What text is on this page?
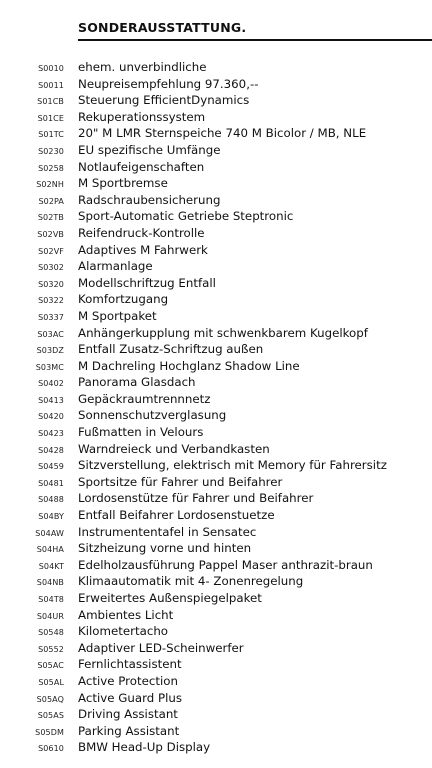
SONDERAUSSTATTUNG.
S0010 ehem. unverbindliche
S0011 Neupreisempfehlung 97.360,--
S01CB Steuerung EfficientDynamics
S01CE Rekuperationssystem
S01TC 20" M LMR Sternspeiche 740 M Bicolor / MB, NLE
S0230 EU spezifische Umfänge
S0258 Notlaufeigenschaften
S02NH M Sportbremse
S02PA Radschraubensicherung
S02TB Sport-Automatic Getriebe Steptronic
S02VB Reifendruck-Kontrolle
S02VF Adaptives M Fahrwerk
S0302 Alarmanlage
S0320 Modellschriftzug Entfall
S0322 Komfortzugang
S0337 M Sportpaket
S03AC Anhängerkupplung mit schwenkbarem Kugelkopf
S03DZ Entfall Zusatz-Schriftzug außen
S03MC M Dachreling Hochglanz Shadow Line
S0402 Panorama Glasdach
S0413 Gepäckraumtrennnetz
S0420 Sonnenschutzverglasung
S0423 Fußmatten in Velours
S0428 Warndreieck und Verbandkasten
S0459 Sitzverstellung, elektrisch mit Memory für Fahrersitz
S0481 Sportsitze für Fahrer und Beifahrer
S0488 Lordosenstütze für Fahrer und Beifahrer
S04BY Entfall Beifahrer Lordosenstuetze
S04AW Instrumententafel in Sensatec
S04HA Sitzheizung vorne und hinten
S04KT Edelholzausführung Pappel Maser anthrazit-braun
S04NB Klimaautomatik mit 4- Zonenregelung
S04T8 Erweitertes Außenspiegelpaket
S04UR Ambientes Licht
S0548 Kilometertacho
S0552 Adaptiver LED-Scheinwerfer
S05AC Fernlichtassistent
S05AL Active Protection
S05AQ Active Guard Plus
S05AS Driving Assistant
S05DM Parking Assistant
S0610 BMW Head-Up Display
